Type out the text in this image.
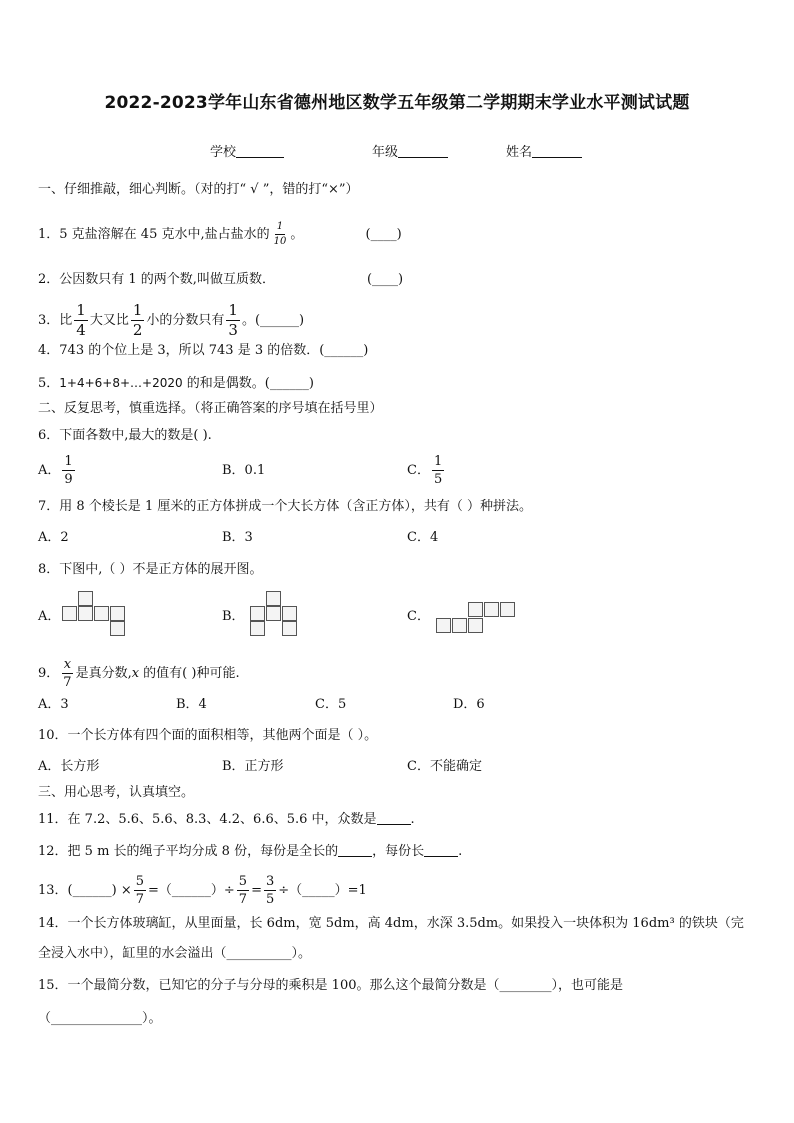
2022-2023学年山东省德州地区数学五年级第二学期期末学业水平测试试题
学校	年级	姓名
一、仔细推敲，细心判断。（对的打“ √ ”，错的打“×”）
1．5 克盐溶解在 45 克水中,盐占盐水的 $\frac{1}{10}$ 。	(____)
2．公因数只有 1 的两个数,叫做互质数．	(____)
3．比 $\frac{1}{4}$ 大又比 $\frac{1}{2}$ 小的分数只有 $\frac{1}{3}$ 。(______)
4．743 的个位上是 3，所以 743 是 3 的倍数．(______)
5．1+4+6+8+…+2020 的和是偶数。(______)
二、反复思考，慎重选择。（将正确答案的序号填在括号里）
6．下面各数中,最大的数是( ).
A． $\frac{1}{9}$	B．0.1	C． $\frac{1}{5}$
7．用 8 个棱长是 1 厘米的正方体拼成一个大长方体（含正方体），共有（ ）种拼法。
A．2	B．3	C．4
8．下图中,（ ）不是正方体的展开图。
A．	B．	C．
9． $\frac{x}{7}$ 是真分数,x 的值有( )种可能.
A．3	B．4	C．5	D．6
10．一个长方体有四个面的面积相等，其他两个面是（ ）。
A．长方形	B．正方形	C．不能确定
三、用心思考，认真填空。
11．在 7.2、5.6、5.6、8.3、4.2、6.6、5.6 中，众数是	.
12．把 5 m 长的绳子平均分成 8 份，每份是全长的	，每份长	.
13．(______) × $\frac{5}{7}$ =（______）÷ $\frac{5}{7} = \frac{3}{5}$ ÷（_____）=1
14．一个长方体玻璃缸，从里面量，长 6dm，宽 5dm，高 4dm，水深 3.5dm。如果投入一块体积为 16dm³ 的铁块（完
全浸入水中），缸里的水会溢出（__________）。
15．一个最简分数，已知它的分子与分母的乘积是 100。那么这个最简分数是（________），也可能是
（______________）。
